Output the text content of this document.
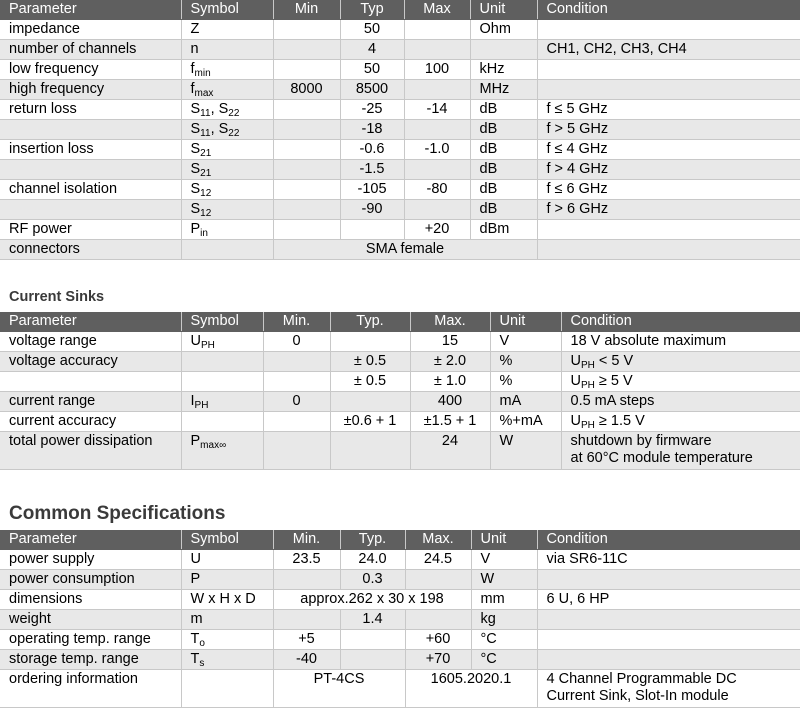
Parameter	Symbol	Min	Typ	Max	Unit	Condition
impedance	Z		50		Ohm	
number of channels	n		4			CH1, CH2, CH3, CH4
low frequency	$f_{min}$		50	100	kHz	
high frequency	$f_{max}$	8000	8500		MHz	
return loss	$S_{11}$, $S_{22}$		-25	-14	dB	f ≤ 5 GHz
	$S_{11}$, $S_{22}$		-18		dB	f > 5 GHz
insertion loss	$S_{21}$		-0.6	-1.0	dB	f ≤ 4 GHz
	$S_{21}$		-1.5		dB	f > 4 GHz
channel isolation	$S_{12}$		-105	-80	dB	f ≤ 6 GHz
	$S_{12}$		-90		dB	f > 6 GHz
RF power	$P_{in}$			+20	dBm	
connectors		SMA female				
Current Sinks
Parameter	Symbol	Min.	Typ.	Max.	Unit	Condition
voltage range	$U_{PH}$	0		15	V	18 V absolute maximum
voltage accuracy			± 0.5	± 2.0	%	$U_{PH} < 5$ V
			± 0.5	± 1.0	%	$U_{PH} \ge 5$ V
current range	$I_{PH}$	0		400	mA	0.5 mA steps
current accuracy			±0.6 + 1	±1.5 + 1	%+mA	$U_{PH} \ge 1.5$ V
total power dissipation	$P_{max\infty}$			24	W	shutdown by firmware
at 60°C module temperature
Common Specifications
Parameter	Symbol	Min.	Typ.	Max.	Unit	Condition
power supply	U	23.5	24.0	24.5	V	via SR6-11C
power consumption	P		0.3		W	
dimensions	W x H x D	approx.262 x 30 x 198			mm	6 U, 6 HP
weight	m		1.4		kg	
operating temp. range	$T_o$	+5		+60	°C	
storage temp. range	$T_s$	-40		+70	°C	
ordering information		PT-4CS		1605.2020.1		4 Channel Programmable DC
Current Sink, Slot-In module
